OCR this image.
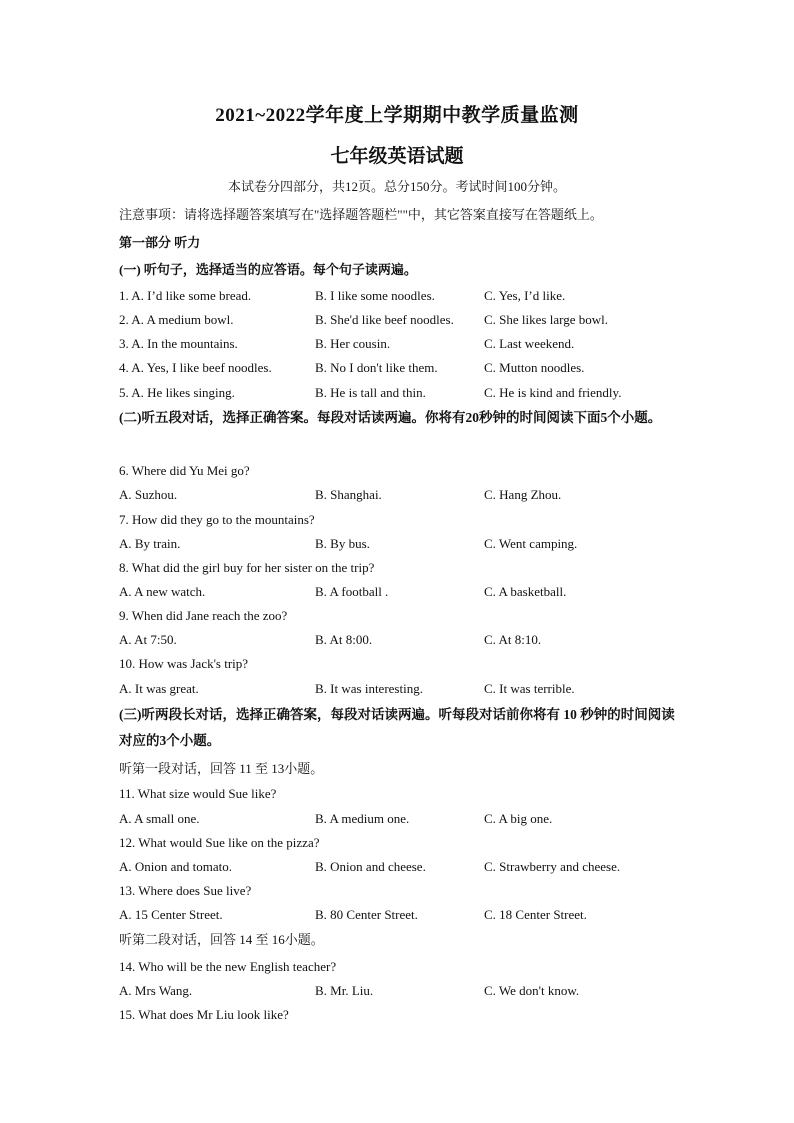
2021~2022学年度上学期期中教学质量监测
七年级英语试题
本试卷分四部分，共12页。总分150分。考试时间100分钟。
注意事项：请将选择题答案填写在"选择题答题栏""中，其它答案直接写在答题纸上。
第一部分 听力
(一) 听句子，选择适当的应答语。每个句子读两遍。
1. A. I’d like some bread.	B. I like some noodles.	C. Yes, I’d like.
2. A. A medium bowl.	B. She'd like beef noodles. C. She likes large bowl.
3. A. In the mountains.	B. Her cousin.	C. Last weekend.
4. A. Yes, I like beef noodles.	B. No I don't like them.	C. Mutton noodles.
5. A. He likes singing.	B. He is tall and thin.	C. He is kind and friendly.
(二)听五段对话，选择正确答案。每段对话读两遍。你将有20秒钟的时间阅读下面5个小题。
6. Where did Yu Mei go?
A. Suzhou.	B. Shanghai.	C. Hang Zhou.
7. How did they go to the mountains?
A. By train.	B. By bus.	C. Went camping.
8. What did the girl buy for her sister on the trip?
A. A new watch.	B. A football .	C. A basketball.
9. When did Jane reach the zoo?
A. At 7:50.	B. At 8:00.	C. At 8:10.
10. How was Jack's trip?
A. It was great.	B. It was interesting.	C. It was terrible.
(三)听两段长对话，选择正确答案，每段对话读两遍。听每段对话前你将有 10 秒钟的时间阅读对应的3个小题。
听第一段对话，回答 11 至 13小题。
11. What size would Sue like?
A. A small one.	B. A medium one.	C. A big one.
12. What would Sue like on the pizza?
A. Onion and tomato.	B. Onion and cheese.	C. Strawberry and cheese.
13. Where does Sue live?
A. 15 Center Street.	B. 80 Center Street.	C. 18 Center Street.
听第二段对话，回答 14 至 16小题。
14. Who will be the new English teacher?
A. Mrs Wang.	B. Mr. Liu.	C. We don't know.
15. What does Mr Liu look like?
